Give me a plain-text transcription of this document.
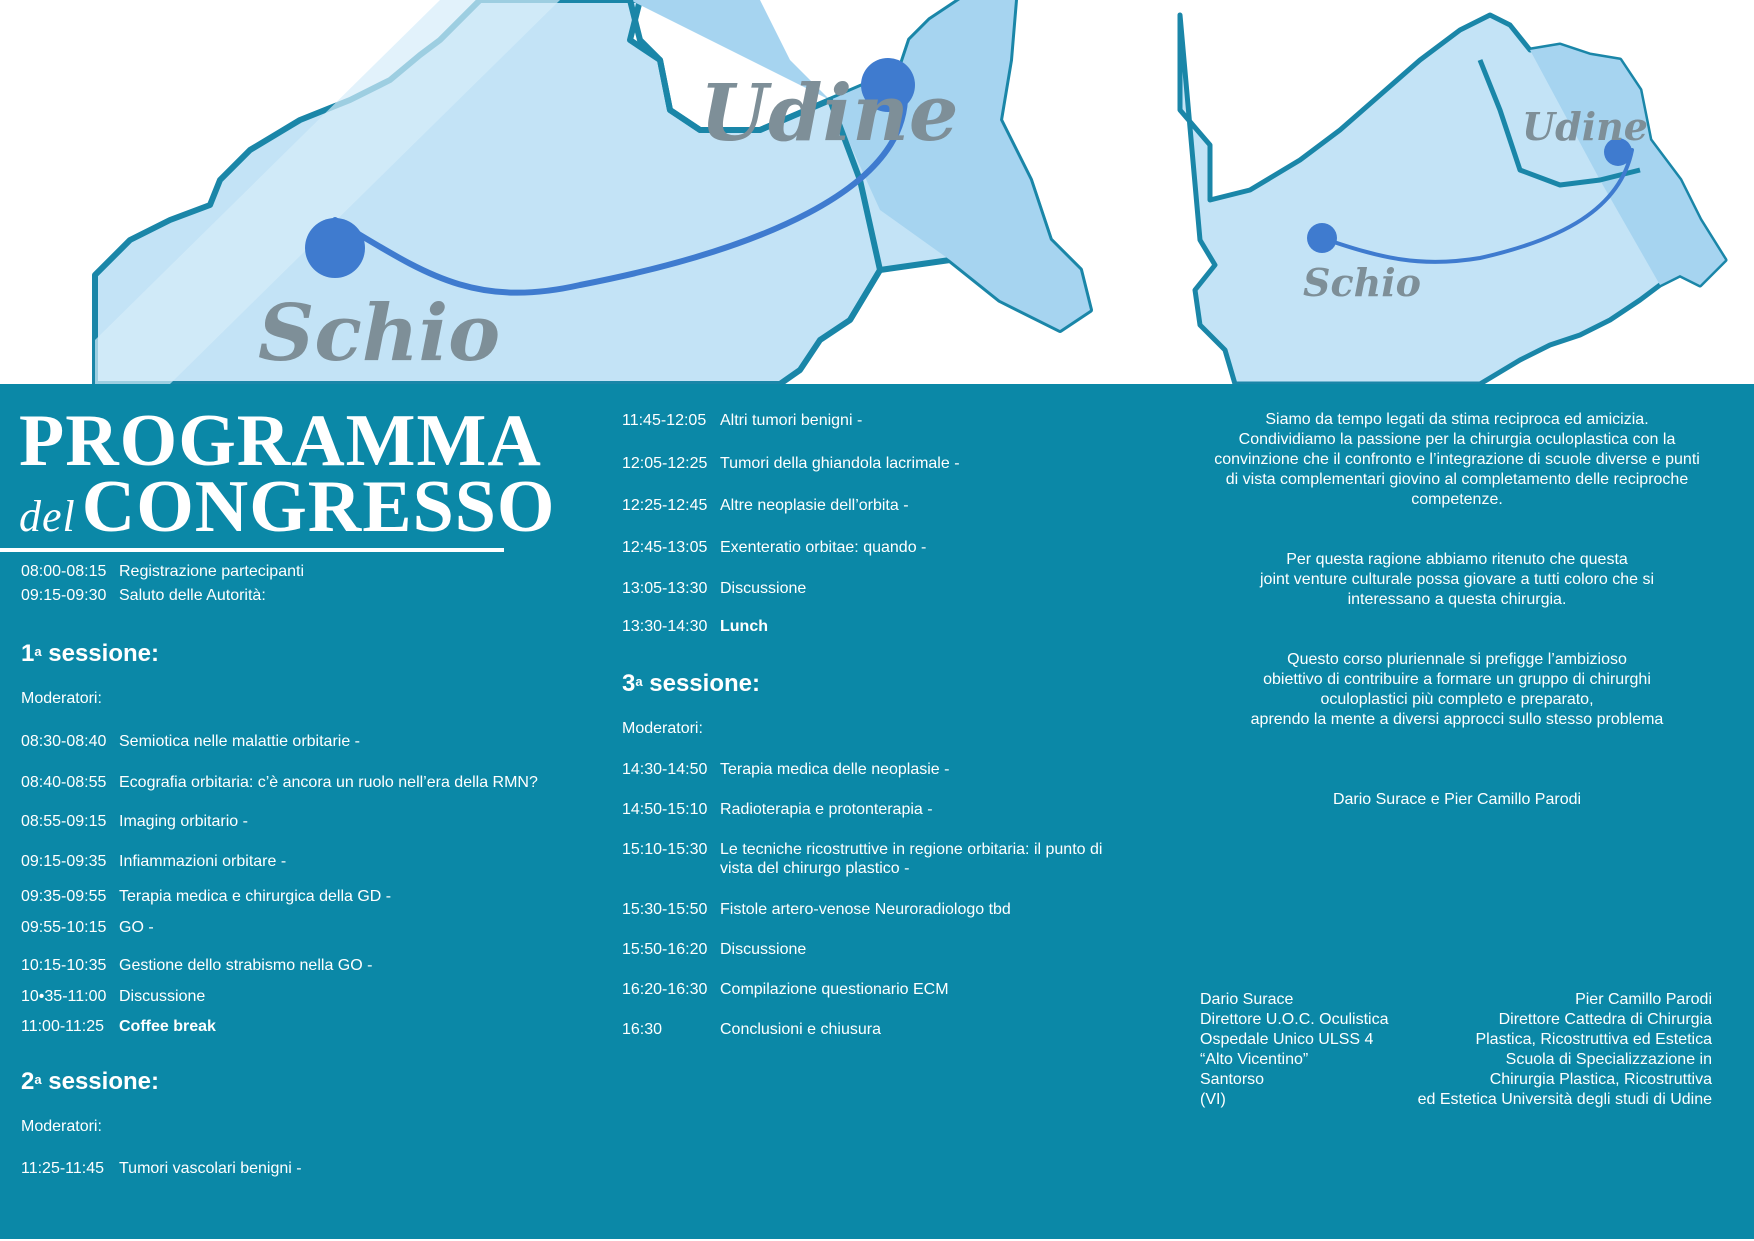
Udine
Schio
Udine
Schio
PROGRAMMA
delCONGRESSO
08:00-08:15 Registrazione partecipanti
09:15-09:30 Saluto delle Autorità:
1$^a$ sessione:
Moderatori:
08:30-08:40 Semiotica nelle malattie orbitarie -
08:40-08:55 Ecografia orbitaria: c’è ancora un ruolo nell’era della RMN?
08:55-09:15 Imaging orbitario -
09:15-09:35 Infiammazioni orbitare -
09:35-09:55 Terapia medica e chirurgica della GD -
09:55-10:15 GO -
10:15-10:35 Gestione dello strabismo nella GO -
10•35-11:00 Discussione
11:00-11:25 Coffee break
2$^a$ sessione:
Moderatori:
11:25-11:45 Tumori vascolari benigni -
11:45-12:05 Altri tumori benigni -
12:05-12:25 Tumori della ghiandola lacrimale -
12:25-12:45 Altre neoplasie dell’orbita -
12:45-13:05 Exenteratio orbitae: quando -
13:05-13:30 Discussione
13:30-14:30 Lunch
3$^a$ sessione:
Moderatori:
14:30-14:50 Terapia medica delle neoplasie -
14:50-15:10 Radioterapia e protonterapia -
15:10-15:30 Le tecniche ricostruttive in regione orbitaria: il punto di vista del chirurgo plastico -
15:30-15:50 Fistole artero-venose Neuroradiologo tbd
15:50-16:20 Discussione
16:20-16:30 Compilazione questionario ECM
16:30	Conclusioni e chiusura
Siamo da tempo legati da stima reciproca ed amicizia.
Condividiamo la passione per la chirurgia oculoplastica con la
convinzione che il confronto e l’integrazione di scuole diverse e punti
di vista complementari giovino al completamento delle reciproche
competenze.
Per questa ragione abbiamo ritenuto che questa
joint venture culturale possa giovare a tutti coloro che si
interessano a questa chirurgia.
Questo corso pluriennale si prefigge l’ambizioso
obiettivo di contribuire a formare un gruppo di chirurghi
oculoplastici più completo e preparato,
aprendo la mente a diversi approcci sullo stesso problema
Dario Surace e Pier Camillo Parodi
Dario Surace
Direttore U.O.C. Oculistica
Ospedale Unico ULSS 4
“Alto Vicentino”
Santorso
(VI)
Pier Camillo Parodi
Direttore Cattedra di Chirurgia
Plastica, Ricostruttiva ed Estetica
Scuola di Specializzazione in
Chirurgia Plastica, Ricostruttiva
ed Estetica Università degli studi di Udine
